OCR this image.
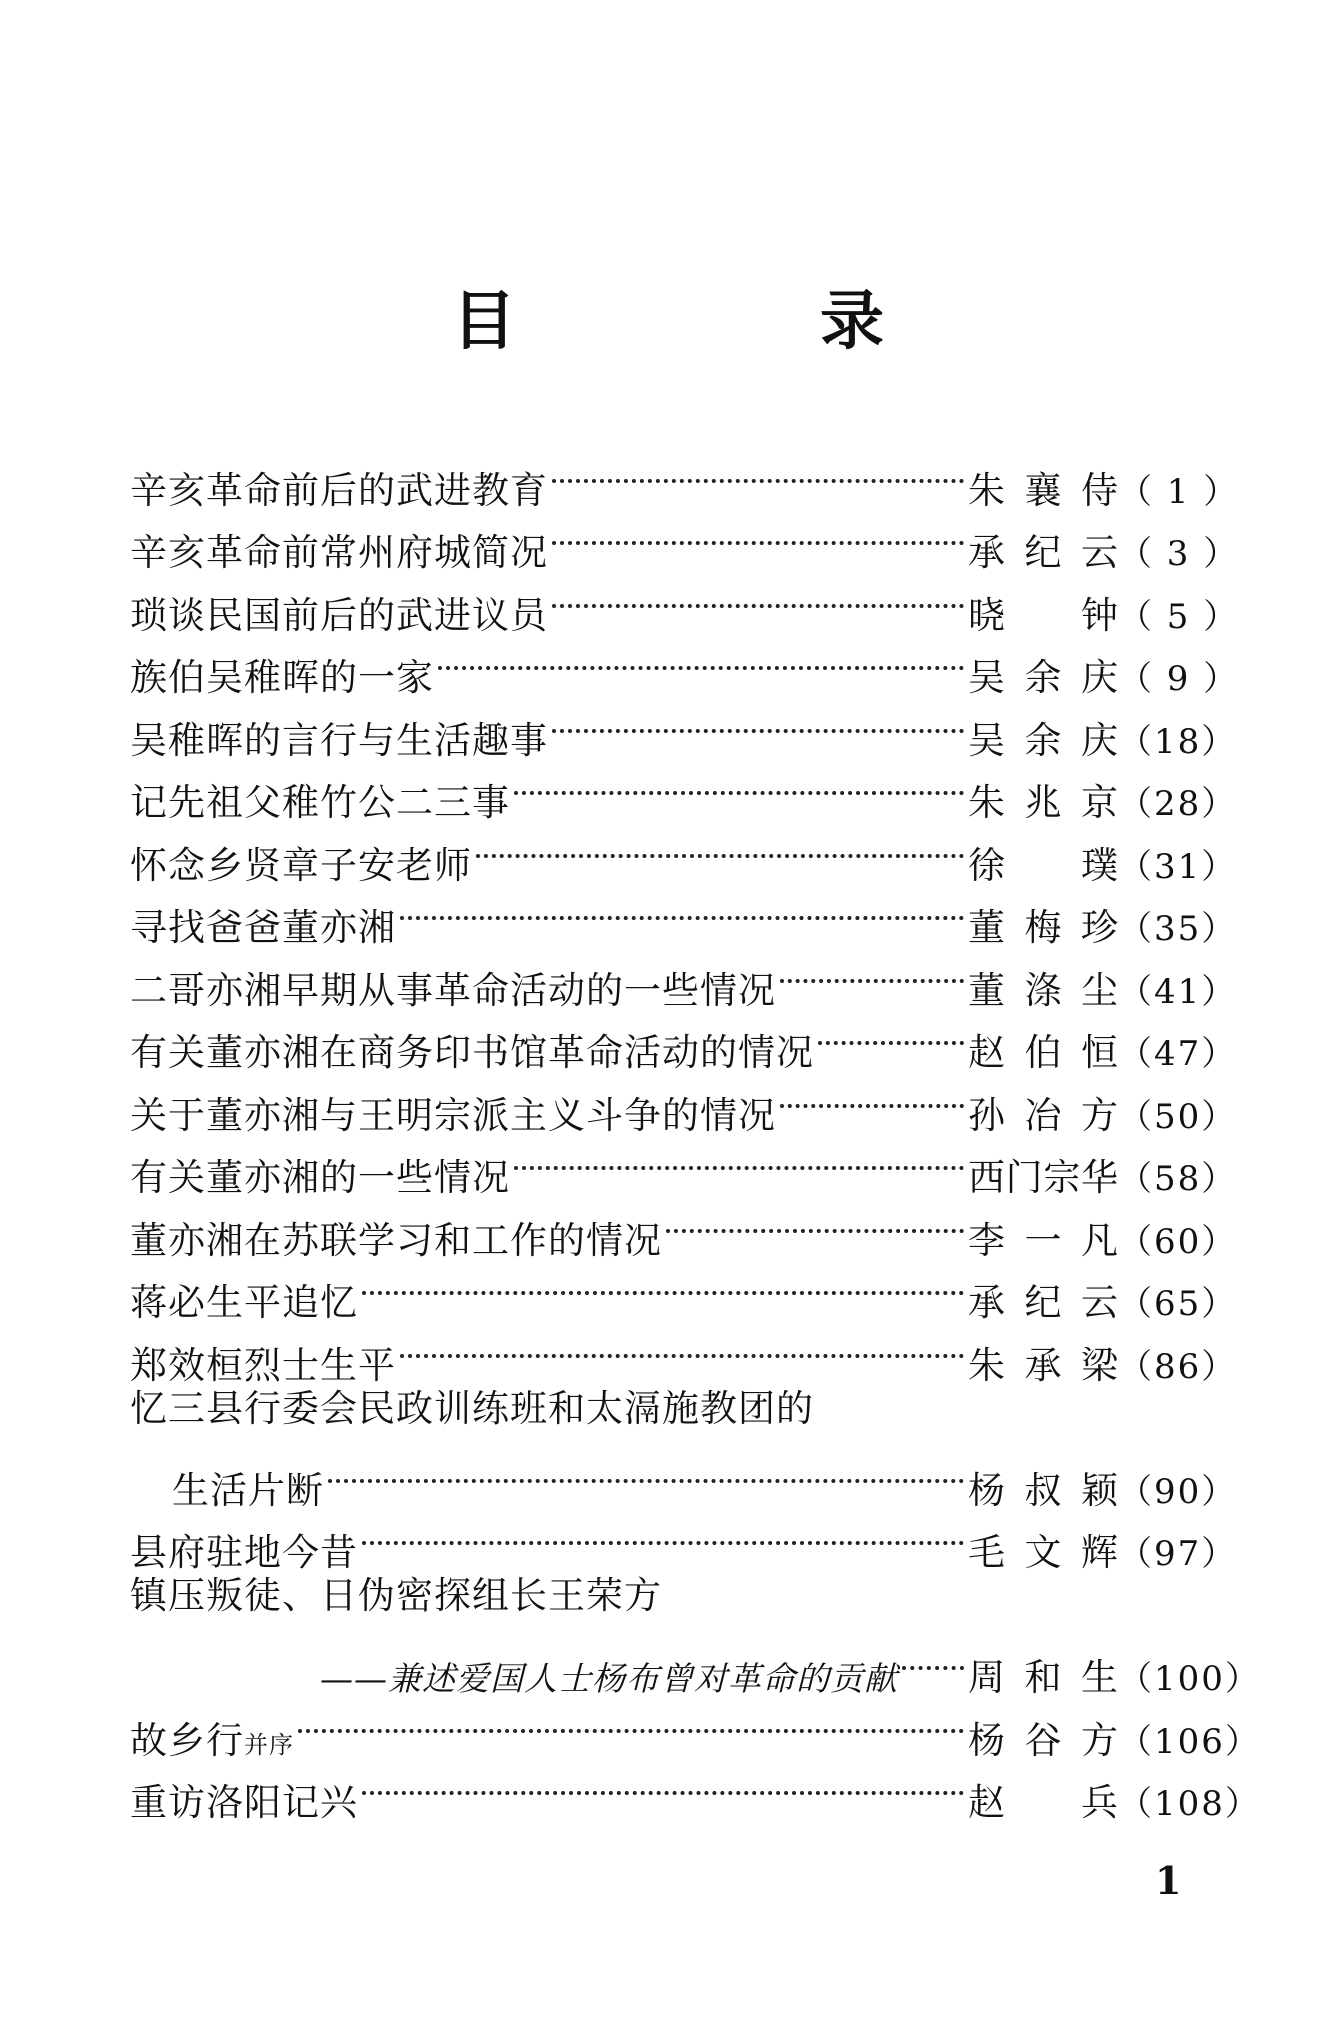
目　录
辛亥革命前后的武进教育	朱襄侍 （ 1 ）
辛亥革命前常州府城简况	承纪云 （ 3 ）
琐谈民国前后的武进议员	晓　钟 （ 5 ）
族伯吴稚晖的一家	吴余庆 （ 9 ）
吴稚晖的言行与生活趣事	吴余庆 （18）
记先祖父稚竹公二三事	朱兆京 （28）
怀念乡贤章子安老师	徐　璞 （31）
寻找爸爸董亦湘	董梅珍 （35）
二哥亦湘早期从事革命活动的一些情况	董涤尘 （41）
有关董亦湘在商务印书馆革命活动的情况	赵伯恒 （47）
关于董亦湘与王明宗派主义斗争的情况	孙冶方 （50）
有关董亦湘的一些情况	西门宗华 （58）
董亦湘在苏联学习和工作的情况	李一凡 （60）
蒋必生平追忆	承纪云 （65）
郑效桓烈士生平	朱承梁 （86）
忆三县行委会民政训练班和太滆施教团的
生活片断	杨叔颖 （90）
县府驻地今昔	毛文辉 （97）
镇压叛徒、日伪密探组长王荣方
——兼述爱国人士杨布曾对革命的贡献 周和生 （100）
故乡行并序	杨谷方 （106）
重访洛阳记兴	赵　兵 （108）
1
